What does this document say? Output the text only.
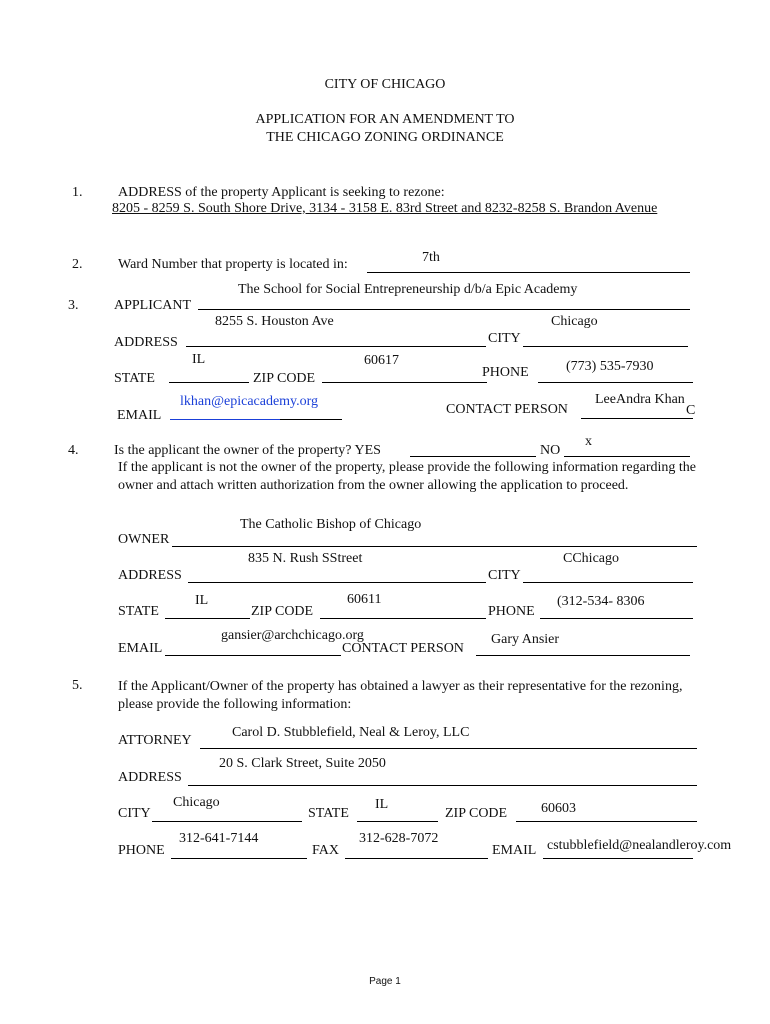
CITY OF CHICAGO
APPLICATION FOR AN AMENDMENT TO
THE CHICAGO ZONING ORDINANCE
1.	ADDRESS of the property Applicant is seeking to rezone:
8205 - 8259 S. South Shore Drive, 3134 - 3158 E. 83rd Street and 8232-8258 S. Brandon Avenue
2.	Ward Number that property is located in:	7th
3.	APPLICANT
The School for Social Entrepreneurship d/b/a Epic Academy
ADDRESS
8255 S. Houston Ave
CITY
Chicago
STATE
IL
ZIP CODE
60617
PHONE	(773) 535-7930
EMAIL
lkhan@epicacademy.org
CONTACT PERSON
LeeAndra Khan
C
4.	Is the applicant the owner of the property? YES	NO
x
If the applicant is not the owner of the property, please provide the following information regarding the owner and attach written authorization from the owner allowing the application to proceed.
OWNER
The Catholic Bishop of Chicago
ADDRESS
835 N. Rush SStreet
CITY
CChicago
STATE
IL
ZIP CODE
60611
PHONE
(312-534- 8306
EMAIL
gansier@archchicago.org
CONTACT PERSON
Gary Ansier
5.	If the Applicant/Owner of the property has obtained a lawyer as their representative for the rezoning, please provide the following information:
ATTORNEY
Carol D. Stubblefield, Neal & Leroy, LLC
ADDRESS
20 S. Clark Street, Suite 2050
CITY
Chicago
STATE
IL
ZIP CODE 60603
PHONE
312-641-7144
FAX
312-628-7072
EMAIL cstubblefield@nealandleroy.com
Page 1
